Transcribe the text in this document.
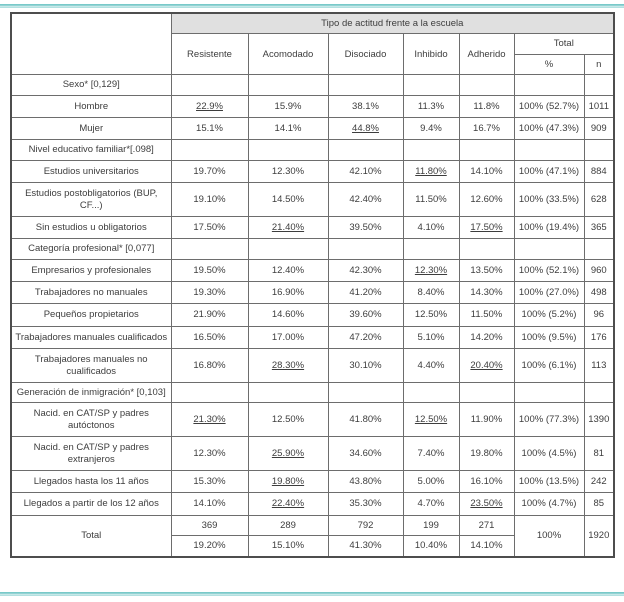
	Tipo de actitud frente a la escuela						
	Resistente	Acomodado	Disociado	Inhibido	Adherido	Total	
						%	n
Sexo* [0,129]							
Hombre	22.9%	15.9%	38.1%	11.3%	11.8%	100% (52.7%)	1011
Mujer	15.1%	14.1%	44.8%	9.4%	16.7%	100% (47.3%)	909
Nivel educativo familiar*[.098]							
Estudios universitarios	19.70%	12.30%	42.10%	11.80%	14.10%	100% (47.1%)	884
Estudios postobligatorios (BUP, CF...)	19.10%	14.50%	42.40%	11.50%	12.60%	100% (33.5%)	628
Sin estudios u obligatorios	17.50%	21.40%	39.50%	4.10%	17.50%	100% (19.4%)	365
Categoría profesional* [0,077]							
Empresarios y profesionales	19.50%	12.40%	42.30%	12.30%	13.50%	100% (52.1%)	960
Trabajadores no manuales	19.30%	16.90%	41.20%	8.40%	14.30%	100% (27.0%)	498
Pequeños propietarios	21.90%	14.60%	39.60%	12.50%	11.50%	100% (5.2%)	96
Trabajadores manuales cualificados	16.50%	17.00%	47.20%	5.10%	14.20%	100% (9.5%)	176
Trabajadores manuales no cualificados	16.80%	28.30%	30.10%	4.40%	20.40%	100% (6.1%)	113
Generación de inmigración* [0,103]							
Nacid. en CAT/SP y padres autóctonos	21.30%	12.50%	41.80%	12.50%	11.90%	100% (77.3%)	1390
Nacid. en CAT/SP y padres extranjeros	12.30%	25.90%	34.60%	7.40%	19.80%	100% (4.5%)	81
Llegados hasta los 11 años	15.30%	19.80%	43.80%	5.00%	16.10%	100% (13.5%)	242
Llegados a partir de los 12 años	14.10%	22.40%	35.30%	4.70%	23.50%	100% (4.7%)	85
Total	369	289	792	199	271	100%	1920
	19.20%	15.10%	41.30%	10.40%	14.10%		
